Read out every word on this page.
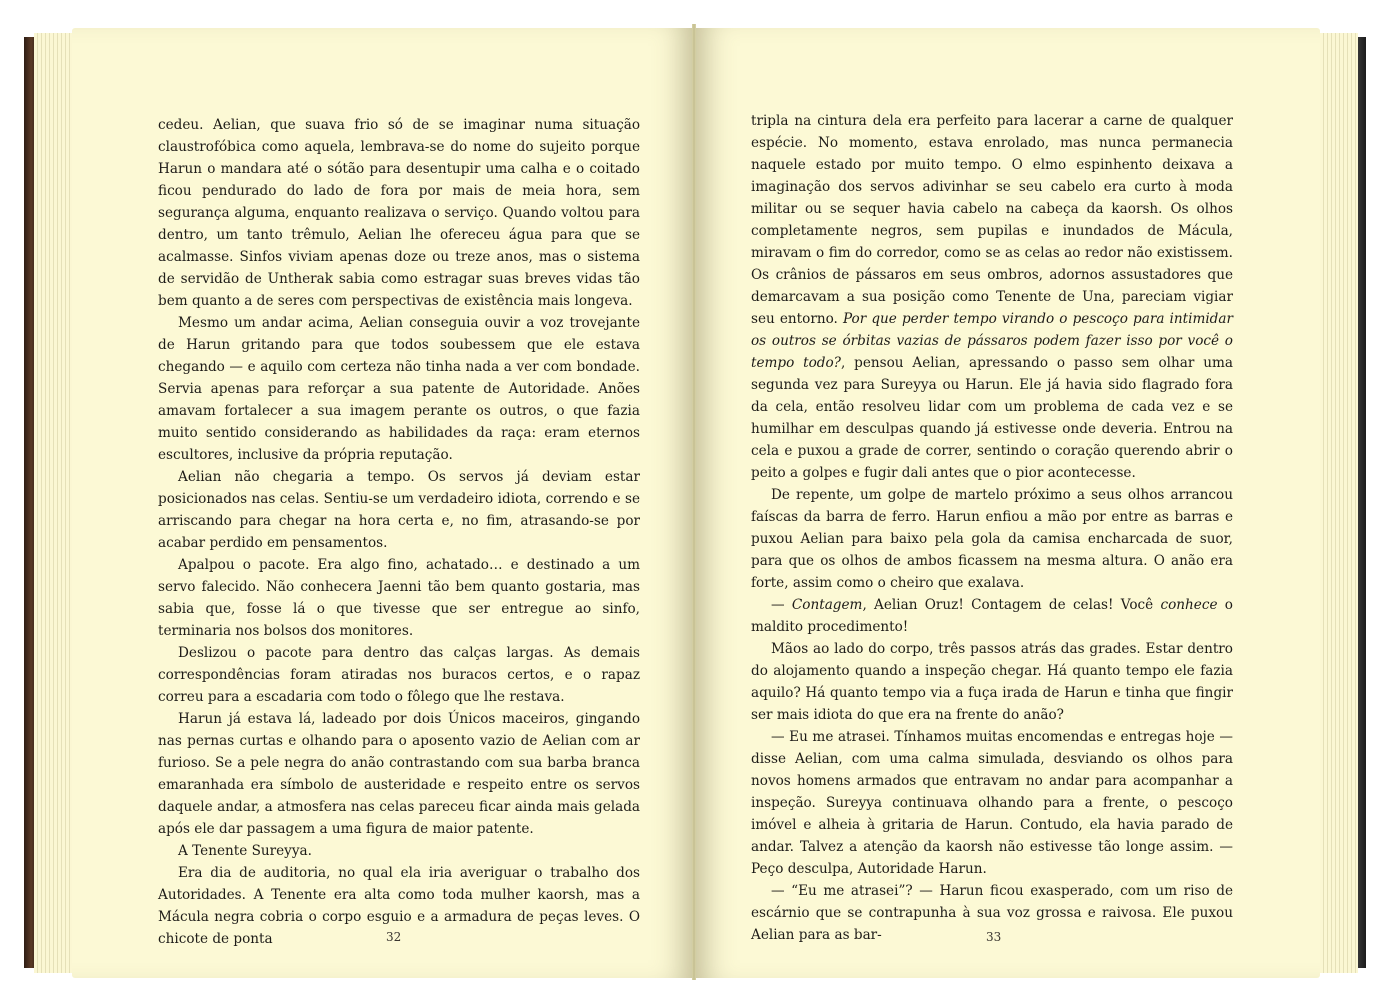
cedeu. Aelian, que suava frio só de se imaginar numa situação claustrofóbica como aquela, lembrava-se do nome do sujeito porque Harun o mandara até o sótão para desentupir uma calha e o coitado ficou pendurado do lado de fora por mais de meia hora, sem segurança alguma, enquanto realizava o serviço. Quando voltou para dentro, um tanto trêmulo, Aelian lhe ofereceu água para que se acalmasse. Sinfos viviam apenas doze ou treze anos, mas o sistema de servidão de Untherak sabia como estragar suas breves vidas tão bem quanto a de seres com perspectivas de existência mais longeva.

Mesmo um andar acima, Aelian conseguia ouvir a voz trovejante de Harun gritando para que todos soubessem que ele estava chegando — e aquilo com certeza não tinha nada a ver com bondade. Servia apenas para reforçar a sua patente de Autoridade. Anões amavam fortalecer a sua imagem perante os outros, o que fazia muito sentido considerando as habilidades da raça: eram eternos escultores, inclusive da própria reputação.

Aelian não chegaria a tempo. Os servos já deviam estar posicionados nas celas. Sentiu-se um verdadeiro idiota, correndo e se arriscando para chegar na hora certa e, no fim, atrasando-se por acabar perdido em pensamentos.

Apalpou o pacote. Era algo fino, achatado… e destinado a um servo falecido. Não conhecera Jaenni tão bem quanto gostaria, mas sabia que, fosse lá o que tivesse que ser entregue ao sinfo, terminaria nos bolsos dos monitores.

Deslizou o pacote para dentro das calças largas. As demais correspondências foram atiradas nos buracos certos, e o rapaz correu para a escadaria com todo o fôlego que lhe restava.

Harun já estava lá, ladeado por dois Únicos maceiros, gingando nas pernas curtas e olhando para o aposento vazio de Aelian com ar furioso. Se a pele negra do anão contrastando com sua barba branca emaranhada era símbolo de austeridade e respeito entre os servos daquele andar, a atmosfera nas celas pareceu ficar ainda mais gelada após ele dar passagem a uma figura de maior patente.

A Tenente Sureyya.

Era dia de auditoria, no qual ela iria averiguar o trabalho dos Autoridades. A Tenente era alta como toda mulher kaorsh, mas a Mácula negra cobria o corpo esguio e a armadura de peças leves. O chicote de ponta

tripla na cintura dela era perfeito para lacerar a carne de qualquer espécie. No momento, estava enrolado, mas nunca permanecia naquele estado por muito tempo. O elmo espinhento deixava a imaginação dos servos adivinhar se seu cabelo era curto à moda militar ou se sequer havia cabelo na cabeça da kaorsh. Os olhos completamente negros, sem pupilas e inundados de Mácula, miravam o fim do corredor, como se as celas ao redor não existissem. Os crânios de pássaros em seus ombros, adornos assustadores que demarcavam a sua posição como Tenente de Una, pareciam vigiar seu entorno. Por que perder tempo virando o pescoço para intimidar os outros se órbitas vazias de pássaros podem fazer isso por você o tempo todo?, pensou Aelian, apressando o passo sem olhar uma segunda vez para Sureyya ou Harun. Ele já havia sido flagrado fora da cela, então resolveu lidar com um problema de cada vez e se humilhar em desculpas quando já estivesse onde deveria. Entrou na cela e puxou a grade de correr, sentindo o coração querendo abrir o peito a golpes e fugir dali antes que o pior acontecesse.

De repente, um golpe de martelo próximo a seus olhos arrancou faíscas da barra de ferro. Harun enfiou a mão por entre as barras e puxou Aelian para baixo pela gola da camisa encharcada de suor, para que os olhos de ambos ficassem na mesma altura. O anão era forte, assim como o cheiro que exalava.

— Contagem, Aelian Oruz! Contagem de celas! Você conhece o maldito procedimento!

Mãos ao lado do corpo, três passos atrás das grades. Estar dentro do alojamento quando a inspeção chegar. Há quanto tempo ele fazia aquilo? Há quanto tempo via a fuça irada de Harun e tinha que fingir ser mais idiota do que era na frente do anão?

— Eu me atrasei. Tínhamos muitas encomendas e entregas hoje — disse Aelian, com uma calma simulada, desviando os olhos para novos homens armados que entravam no andar para acompanhar a inspeção. Sureyya continuava olhando para a frente, o pescoço imóvel e alheia à gritaria de Harun. Contudo, ela havia parado de andar. Talvez a atenção da kaorsh não estivesse tão longe assim. — Peço desculpa, Autoridade Harun.

— “Eu me atrasei”? — Harun ficou exasperado, com um riso de escárnio que se contrapunha à sua voz grossa e raivosa. Ele puxou Aelian para as bar-

32	33
